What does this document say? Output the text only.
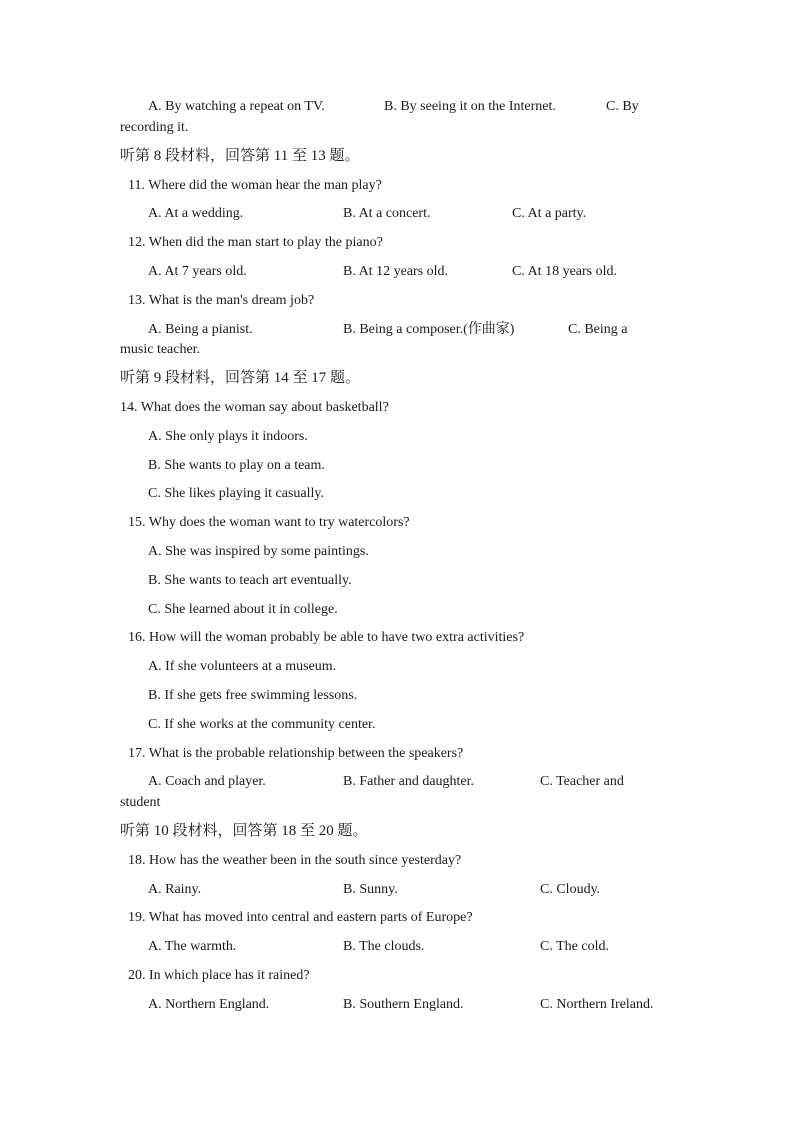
A. By watching a repeat on TV.	B. By seeing it on the Internet.	C. By
recording it.
听第 8 段材料，回答第 11 至 13 题。
11. Where did the woman hear the man play?
A. At a wedding.	B. At a concert.	C. At a party.
12. When did the man start to play the piano?
A. At 7 years old.	B. At 12 years old.	C. At 18 years old.
13. What is the man's dream job?
A. Being a pianist.	B. Being a composer.(作曲家)	C. Being a
music teacher.
听第 9 段材料，回答第 14 至 17 题。
14. What does the woman say about basketball?
A. She only plays it indoors.
B. She wants to play on a team.
C. She likes playing it casually.
15. Why does the woman want to try watercolors?
A. She was inspired by some paintings.
B. She wants to teach art eventually.
C. She learned about it in college.
16. How will the woman probably be able to have two extra activities?
A. If she volunteers at a museum.
B. If she gets free swimming lessons.
C. If she works at the community center.
17. What is the probable relationship between the speakers?
A. Coach and player.	B. Father and daughter.	C. Teacher and
student
听第 10 段材料，回答第 18 至 20 题。
18. How has the weather been in the south since yesterday?
A. Rainy.	B. Sunny.	C. Cloudy.
19. What has moved into central and eastern parts of Europe?
A. The warmth.	B. The clouds.	C. The cold.
20. In which place has it rained?
A. Northern England.	B. Southern England.	C. Northern Ireland.
